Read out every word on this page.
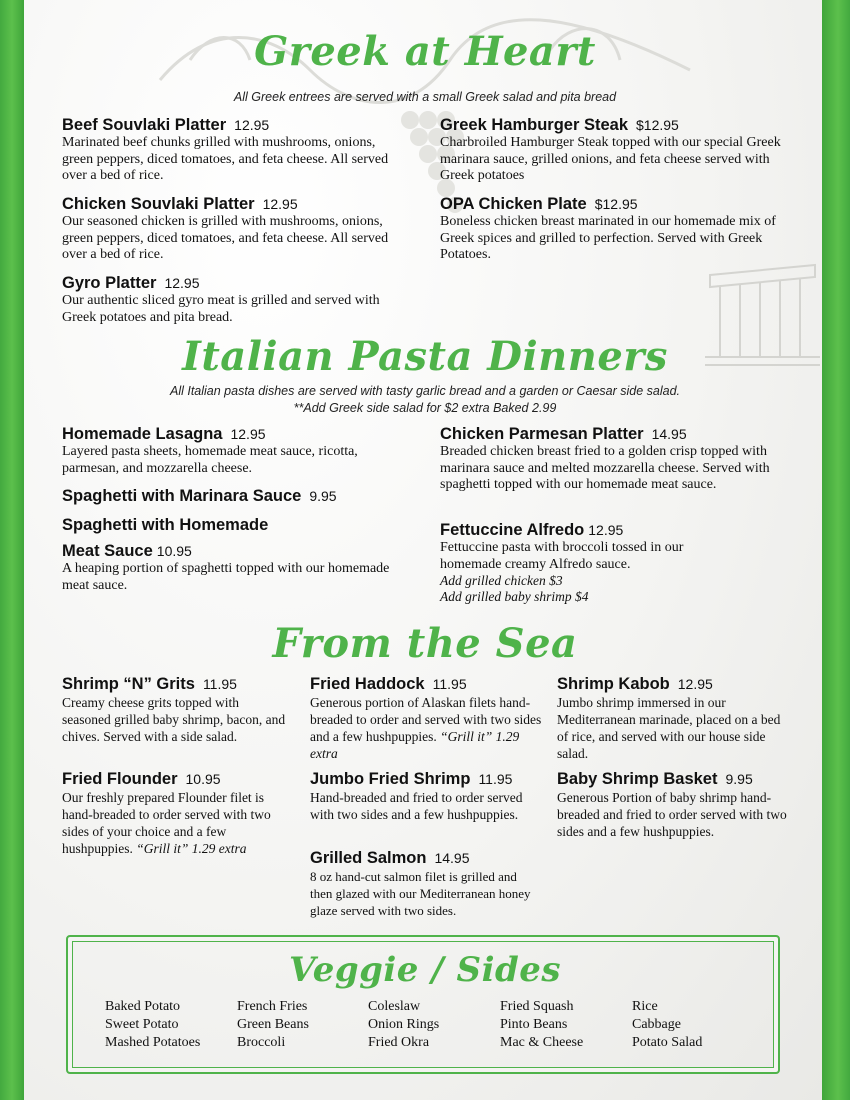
Greek at Heart
All Greek entrees are served with a small Greek salad and pita bread
Beef Souvlaki Platter 12.95
Marinated beef chunks grilled with mushrooms, onions, green peppers, diced tomatoes, and feta cheese. All served over a bed of rice.
Chicken Souvlaki Platter 12.95
Our seasoned chicken is grilled with mushrooms, onions, green peppers, diced tomatoes, and feta cheese. All served over a bed of rice.
Gyro Platter 12.95
Our authentic sliced gyro meat is grilled and served with Greek potatoes and pita bread.
Greek Hamburger Steak $12.95
Charbroiled Hamburger Steak topped with our special Greek marinara sauce, grilled onions, and feta cheese served with Greek potatoes
OPA Chicken Plate $12.95
Boneless chicken breast marinated in our homemade mix of Greek spices and grilled to perfection. Served with Greek Potatoes.
Italian Pasta Dinners
All Italian pasta dishes are served with tasty garlic bread and a garden or Caesar side salad.
**Add Greek side salad for $2 extra Baked 2.99
Homemade Lasagna 12.95
Layered pasta sheets, homemade meat sauce, ricotta, parmesan, and mozzarella cheese.
Spaghetti with Marinara Sauce 9.95
Spaghetti with Homemade
Meat Sauce 10.95
A heaping portion of spaghetti topped with our homemade meat sauce.
Chicken Parmesan Platter 14.95
Breaded chicken breast fried to a golden crisp topped with marinara sauce and melted mozzarella cheese. Served with spaghetti topped with our homemade meat sauce.
Fettuccine Alfredo 12.95
Fettuccine pasta with broccoli tossed in our homemade creamy Alfredo sauce.
Add grilled chicken $3
Add grilled baby shrimp $4
From the Sea
Shrimp “N” Grits 11.95
Creamy cheese grits topped with seasoned grilled baby shrimp, bacon, and chives. Served with a side salad.
Fried Flounder 10.95
Our freshly prepared Flounder filet is hand-breaded to order served with two sides of your choice and a few hushpuppies. “Grill it” 1.29 extra
Fried Haddock 11.95
Generous portion of Alaskan filets hand-breaded to order and served with two sides and a few hushpuppies. “Grill it” 1.29 extra
Jumbo Fried Shrimp 11.95
Hand-breaded and fried to order served with two sides and a few hushpuppies.
Grilled Salmon 14.95
8 oz hand-cut salmon filet is grilled and then glazed with our Mediterranean honey glaze served with two sides.
Shrimp Kabob 12.95
Jumbo shrimp immersed in our Mediterranean marinade, placed on a bed of rice, and served with our house side salad.
Baby Shrimp Basket 9.95
Generous Portion of baby shrimp hand-breaded and fried to order served with two sides and a few hushpuppies.
Veggie / Sides
Baked Potato
Sweet Potato
Mashed Potatoes
French Fries
Green Beans
Broccoli
Coleslaw
Onion Rings
Fried Okra
Fried Squash
Pinto Beans
Mac & Cheese
Rice
Cabbage
Potato Salad
